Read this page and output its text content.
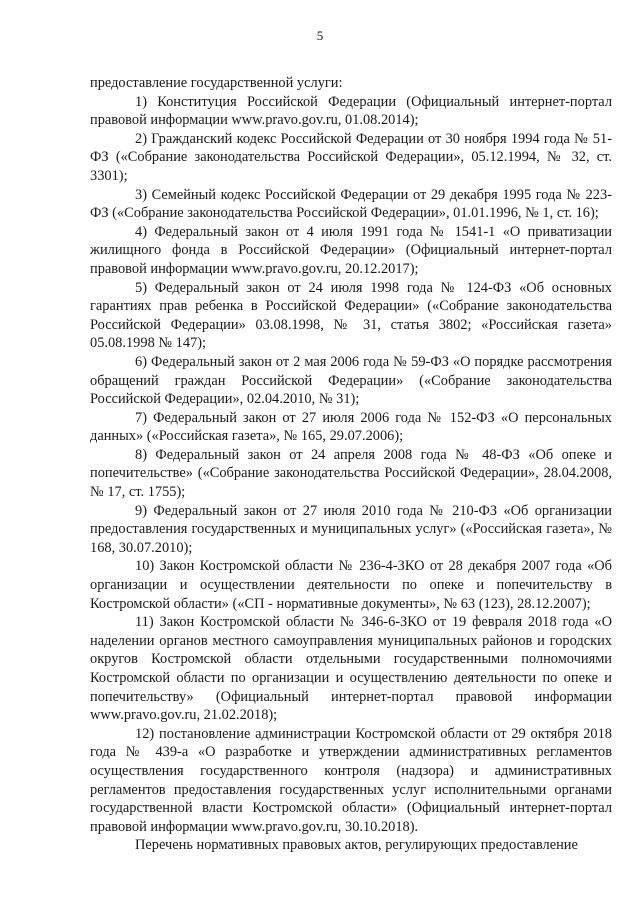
5

предоставление государственной услуги:

1) Конституция Российской Федерации (Официальный интернет-портал правовой информации www.pravo.gov.ru, 01.08.2014);

2) Гражданский кодекс Российской Федерации от 30 ноября 1994 года № 51-ФЗ («Собрание законодательства Российской Федерации», 05.12.1994, № 32, ст. 3301);

3) Семейный кодекс Российской Федерации от 29 декабря 1995 года № 223-ФЗ («Собрание законодательства Российской Федерации», 01.01.1996, № 1, ст. 16);

4) Федеральный закон от 4 июля 1991 года № 1541-1 «О приватизации жилищного фонда в Российской Федерации» (Официальный интернет-портал правовой информации www.pravo.gov.ru, 20.12.2017);

5) Федеральный закон от 24 июля 1998 года № 124-ФЗ «Об основных гарантиях прав ребенка в Российской Федерации» («Собрание законодательства Российской Федерации» 03.08.1998, № 31, статья 3802; «Российская газета» 05.08.1998 № 147);

6) Федеральный закон от 2 мая 2006 года № 59-ФЗ «О порядке рассмотрения обращений граждан Российской Федерации» («Собрание законодательства Российской Федерации», 02.04.2010, № 31);

7) Федеральный закон от 27 июля 2006 года № 152-ФЗ «О персональных данных» («Российская газета», № 165, 29.07.2006);

8) Федеральный закон от 24 апреля 2008 года № 48-ФЗ «Об опеке и попечительстве» («Собрание законодательства Российской Федерации», 28.04.2008, № 17, ст. 1755);

9) Федеральный закон от 27 июля 2010 года № 210-ФЗ «Об организации предоставления государственных и муниципальных услуг» («Российская газета», № 168, 30.07.2010);

10) Закон Костромской области № 236-4-ЗКО от 28 декабря 2007 года «Об организации и осуществлении деятельности по опеке и попечительству в Костромской области» («СП - нормативные документы», № 63 (123), 28.12.2007);

11) Закон Костромской области № 346-6-ЗКО от 19 февраля 2018 года «О наделении органов местного самоуправления муниципальных районов и городских округов Костромской области отдельными государственными полномочиями Костромской области по организации и осуществлению деятельности по опеке и попечительству» (Официальный интернет-портал правовой информации www.pravo.gov.ru, 21.02.2018);

12) постановление администрации Костромской области от 29 октября 2018 года № 439-а «О разработке и утверждении административных регламентов осуществления государственного контроля (надзора) и административных регламентов предоставления государственных услуг исполнительными органами государственной власти Костромской области» (Официальный интернет-портал правовой информации www.pravo.gov.ru, 30.10.2018).

Перечень нормативных правовых актов, регулирующих предоставление
